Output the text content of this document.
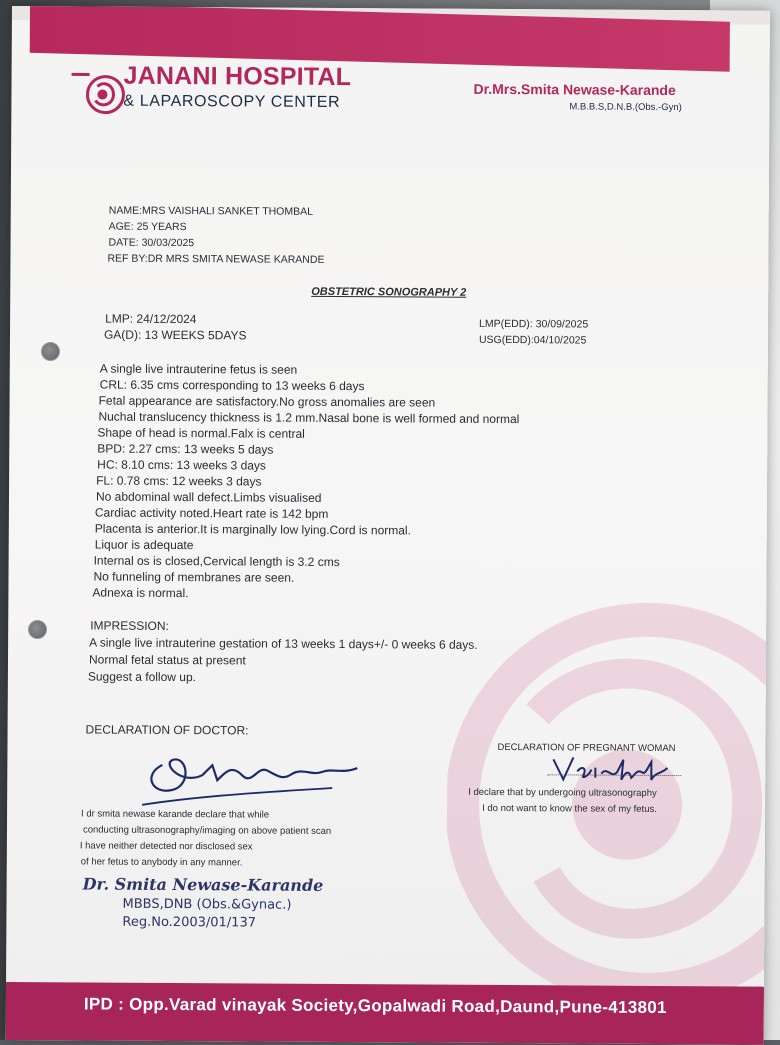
JANANI HOSPITAL
& LAPAROSCOPY CENTER
Dr.Mrs.Smita Newase-Karande
M.B.B.S,D.N.B.(Obs.-Gyn)
NAME:MRS VAISHALI SANKET THOMBAL
AGE: 25 YEARS
DATE: 30/03/2025
REF BY:DR MRS SMITA NEWASE KARANDE
OBSTETRIC SONOGRAPHY 2
LMP: 24/12/2024
GA(D): 13 WEEKS 5DAYS
LMP(EDD): 30/09/2025
USG(EDD):04/10/2025
A single live intrauterine fetus is seen
CRL: 6.35 cms corresponding to 13 weeks 6 days
Fetal appearance are satisfactory.No gross anomalies are seen
Nuchal translucency thickness is 1.2 mm.Nasal bone is well formed and normal
Shape of head is normal.Falx is central
BPD: 2.27 cms: 13 weeks 5 days
HC: 8.10 cms: 13 weeks 3 days
FL: 0.78 cms: 12 weeks 3 days
No abdominal wall defect.Limbs visualised
Cardiac activity noted.Heart rate is 142 bpm
Placenta is anterior.It is marginally low lying.Cord is normal.
Liquor is adequate
Internal os is closed,Cervical length is 3.2 cms
No funneling of membranes are seen.
Adnexa is normal.
IMPRESSION:
A single live intrauterine gestation of 13 weeks 1 days+/- 0 weeks 6 days.
Normal fetal status at present
Suggest a follow up.
DECLARATION OF DOCTOR:
I dr smita newase karande declare that while
conducting ultrasonography/imaging on above patient scan
I have neither detected nor disclosed sex
of her fetus to anybody in any manner.
DECLARATION OF PREGNANT WOMAN
I declare that by undergoing ultrasonography
I do not want to know the sex of my fetus.
Dr. Smita Newase-Karande
MBBS,DNB (Obs.&Gynac.)
Reg.No.2003/01/137
IPD : Opp.Varad vinayak Society,Gopalwadi Road,Daund,Pune-413801
